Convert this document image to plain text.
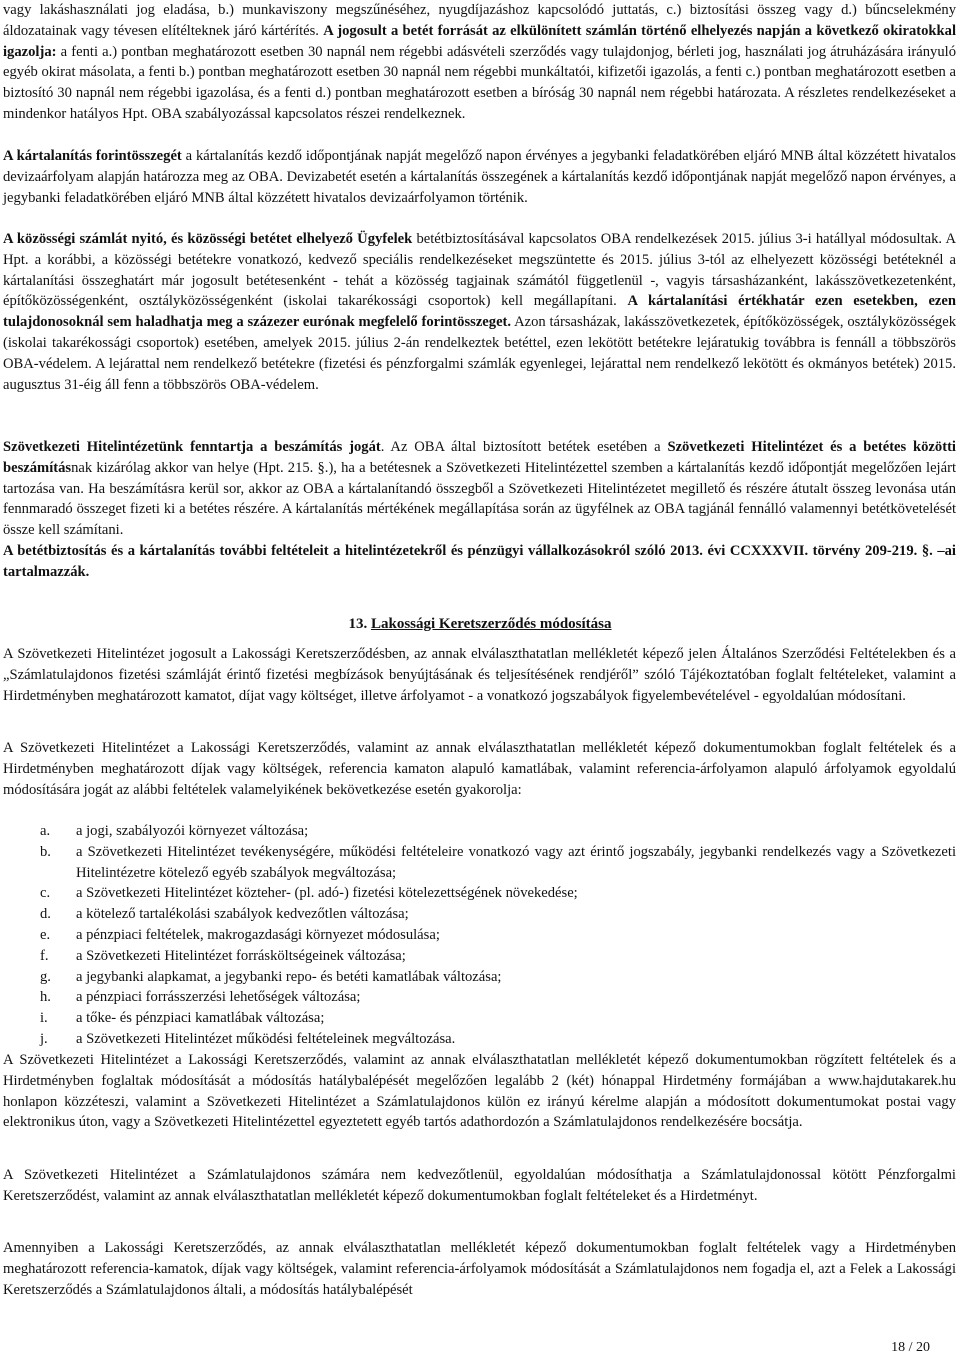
vagy lakáshasználati jog eladása, b.) munkaviszony megszűnéséhez, nyugdíjazáshoz kapcsolódó juttatás, c.) biztosítási összeg vagy d.) bűncselekmény áldozatainak vagy tévesen elítélteknek járó kártérítés. A jogosult a betét forrását az elkülönített számlán történő elhelyezés napján a következő okiratokkal igazolja: a fenti a.) pontban meghatározott esetben 30 napnál nem régebbi adásvételi szerződés vagy tulajdonjog, bérleti jog, használati jog átruházására irányuló egyéb okirat másolata, a fenti b.) pontban meghatározott esetben 30 napnál nem régebbi munkáltatói, kifizetői igazolás, a fenti c.) pontban meghatározott esetben a biztosító 30 napnál nem régebbi igazolása, és a fenti d.) pontban meghatározott esetben a bíróság 30 napnál nem régebbi határozata. A részletes rendelkezéseket a mindenkor hatályos Hpt. OBA szabályozással kapcsolatos részei rendelkeznek.

A kártalanítás forintösszegét a kártalanítás kezdő időpontjának napját megelőző napon érvényes a jegybanki feladatkörében eljáró MNB által közzétett hivatalos devizaárfolyam alapján határozza meg az OBA. Devizabetét esetén a kártalanítás összegének a kártalanítás kezdő időpontjának napját megelőző napon érvényes, a jegybanki feladatkörében eljáró MNB által közzétett hivatalos devizaárfolyamon történik.

A közösségi számlát nyitó, és közösségi betétet elhelyező Ügyfelek betétbiztosításával kapcsolatos OBA rendelkezések 2015. július 3-i hatállyal módosultak. A Hpt. a korábbi, a közösségi betétekre vonatkozó, kedvező speciális rendelkezéseket megszüntette és 2015. július 3-tól az elhelyezett közösségi betéteknél a kártalanítási összeghatárt már jogosult betétesenként - tehát a közösség tagjainak számától függetlenül -, vagyis társasházanként, lakásszövetkezetenként, építőközösségenként, osztályközösségenként (iskolai takarékossági csoportok) kell megállapítani. A kártalanítási értékhatár ezen esetekben, ezen tulajdonosoknál sem haladhatja meg a százezer eurónak megfelelő forintösszeget. Azon társasházak, lakásszövetkezetek, építőközösségek, osztályközösségek (iskolai takarékossági csoportok) esetében, amelyek 2015. július 2-án rendelkeztek betéttel, ezen lekötött betétekre lejáratukig továbbra is fennáll a többszörös OBA-védelem. A lejárattal nem rendelkező betétekre (fizetési és pénzforgalmi számlák egyenlegei, lejárattal nem rendelkező lekötött és okmányos betétek) 2015. augusztus 31-éig áll fenn a többszörös OBA-védelem.

Szövetkezeti Hitelintézetünk fenntartja a beszámítás jogát. Az OBA által biztosított betétek esetében a Szövetkezeti Hitelintézet és a betétes közötti beszámításnak kizárólag akkor van helye (Hpt. 215. §.), ha a betétesnek a Szövetkezeti Hitelintézettel szemben a kártalanítás kezdő időpontját megelőzően lejárt tartozása van. Ha beszámításra kerül sor, akkor az OBA a kártalanítandó összegből a Szövetkezeti Hitelintézetet megillető és részére átutalt összeg levonása után fennmaradó összeget fizeti ki a betétes részére. A kártalanítás mértékének megállapítása során az ügyfélnek az OBA tagjánál fennálló valamennyi betétkövetelését össze kell számítani.

A betétbiztosítás és a kártalanítás további feltételeit a hitelintézetekről és pénzügyi vállalkozásokról szóló 2013. évi CCXXXVII. törvény 209-219. §. –ai tartalmazzák.

13. Lakossági Keretszerződés módosítása

A Szövetkezeti Hitelintézet jogosult a Lakossági Keretszerződésben, az annak elválaszthatatlan mellékletét képező jelen Általános Szerződési Feltételekben és a „Számlatulajdonos fizetési számláját érintő fizetési megbízások benyújtásának és teljesítésének rendjéről” szóló Tájékoztatóban foglalt feltételeket, valamint a Hirdetményben meghatározott kamatot, díjat vagy költséget, illetve árfolyamot - a vonatkozó jogszabályok figyelembevételével - egyoldalúan módosítani.

A Szövetkezeti Hitelintézet a Lakossági Keretszerződés, valamint az annak elválaszthatatlan mellékletét képező dokumentumokban foglalt feltételek és a Hirdetményben meghatározott díjak vagy költségek, referencia kamaton alapuló kamatlábak, valamint referencia-árfolyamon alapuló árfolyamok egyoldalú módosítására jogát az alábbi feltételek valamelyikének bekövetkezése esetén gyakorolja:

a. a jogi, szabályozói környezet változása;
b. a Szövetkezeti Hitelintézet tevékenységére, működési feltételeire vonatkozó vagy azt érintő jogszabály, jegybanki rendelkezés vagy a Szövetkezeti Hitelintézetre kötelező egyéb szabályok megváltozása;
c. a Szövetkezeti Hitelintézet közteher- (pl. adó-) fizetési kötelezettségének növekedése;
d. a kötelező tartalékolási szabályok kedvezőtlen változása;
e. a pénzpiaci feltételek, makrogazdasági környezet módosulása;
f. a Szövetkezeti Hitelintézet forrásköltségeinek változása;
g. a jegybanki alapkamat, a jegybanki repo- és betéti kamatlábak változása;
h. a pénzpiaci forrásszerzési lehetőségek változása;
i. a tőke- és pénzpiaci kamatlábak változása;
j. a Szövetkezeti Hitelintézet működési feltételeinek megváltozása.

A Szövetkezeti Hitelintézet a Lakossági Keretszerződés, valamint az annak elválaszthatatlan mellékletét képező dokumentumokban rögzített feltételek és a Hirdetményben foglaltak módosítását a módosítás hatálybalépését megelőzően legalább 2 (két) hónappal Hirdetmény formájában a www.hajdutakarek.hu honlapon közzéteszi, valamint a Szövetkezeti Hitelintézet a Számlatulajdonos külön ez irányú kérelme alapján a módosított dokumentumokat postai vagy elektronikus úton, vagy a Szövetkezeti Hitelintézettel egyeztetett egyéb tartós adathordozón a Számlatulajdonos rendelkezésére bocsátja.

A Szövetkezeti Hitelintézet a Számlatulajdonos számára nem kedvezőtlenül, egyoldalúan módosíthatja a Számlatulajdonossal kötött Pénzforgalmi Keretszerződést, valamint az annak elválaszthatatlan mellékletét képező dokumentumokban foglalt feltételeket és a Hirdetményt.

Amennyiben a Lakossági Keretszerződés, az annak elválaszthatatlan mellékletét képező dokumentumokban foglalt feltételek vagy a Hirdetményben meghatározott referencia-kamatok, díjak vagy költségek, valamint referencia-árfolyamok módosítását a Számlatulajdonos nem fogadja el, azt a Felek a Lakossági Keretszerződés a Számlatulajdonos általi, a módosítás hatálybalépését

18 / 20
